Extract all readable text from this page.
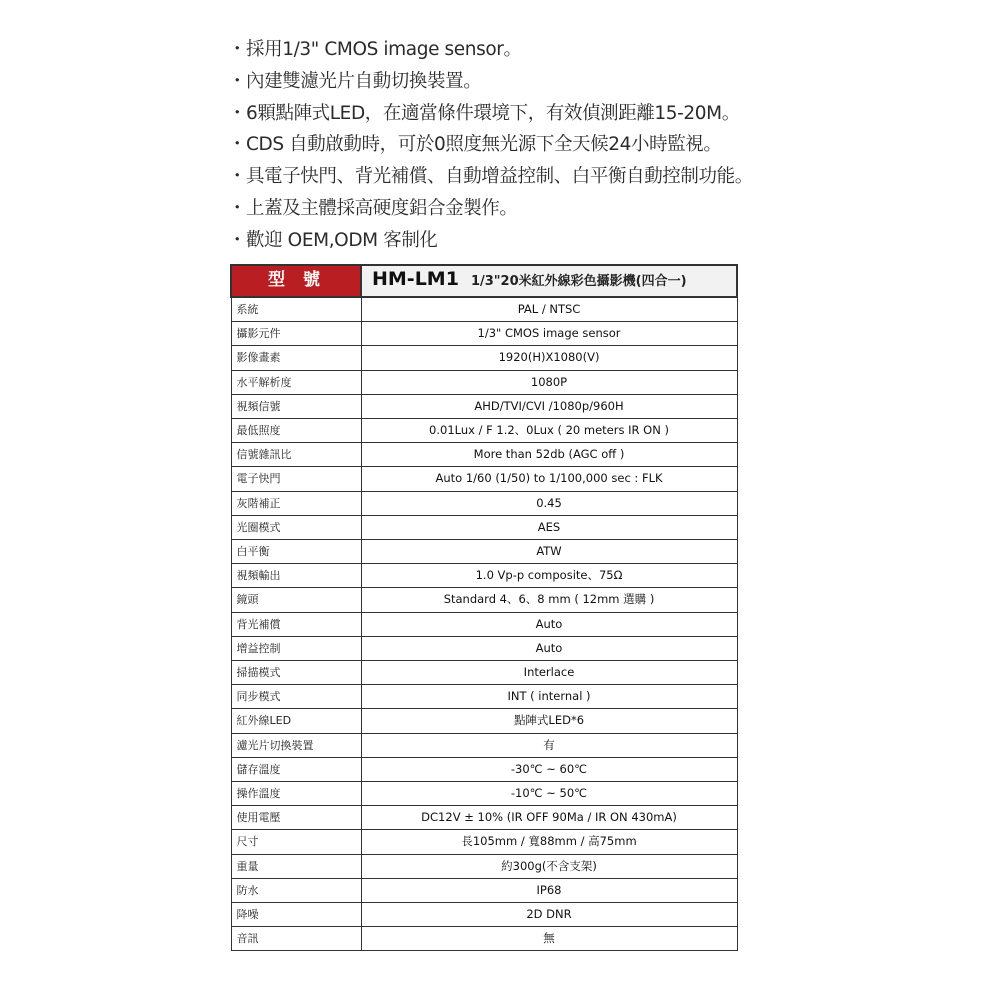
・採用1/3" CMOS image sensor。
・內建雙濾光片自動切換裝置。
・6顆點陣式LED，在適當條件環境下，有效偵測距離15-20M。
・CDS 自動啟動時，可於0照度無光源下全天候24小時監視。
・具電子快門、背光補償、自動增益控制、白平衡自動控制功能。
・上蓋及主體採高硬度鋁合金製作。
・歡迎 OEM,ODM 客制化
型號	HM-LM1 1/3"20米紅外線彩色攝影機(四合一)
系統	PAL / NTSC
攝影元件	1/3" CMOS image sensor
影像畫素	1920(H)X1080(V)
水平解析度	1080P
視頻信號	AHD/TVI/CVI /1080p/960H
最低照度	0.01Lux / F 1.2、0Lux ( 20 meters IR ON )
信號雜訊比	More than 52db (AGC off )
電子快門	Auto 1/60 (1/50) to 1/100,000 sec : FLK
灰階補正	0.45
光圈模式	AES
白平衡	ATW
視頻輸出	1.0 Vp-p composite、75Ω
鏡頭	Standard 4、6、8 mm ( 12mm 選購 )
背光補償	Auto
增益控制	Auto
掃描模式	Interlace
同步模式	INT ( internal )
紅外線LED	點陣式LED*6
濾光片切換裝置	有
儲存溫度	-30℃ ~ 60℃
操作溫度	-10℃ ~ 50℃
使用電壓	DC12V ± 10% (IR OFF 90Ma / IR ON 430mA)
尺寸	長105mm / 寬88mm / 高75mm
重量	約300g(不含支架)
防水	IP68
降噪	2D DNR
音訊	無
